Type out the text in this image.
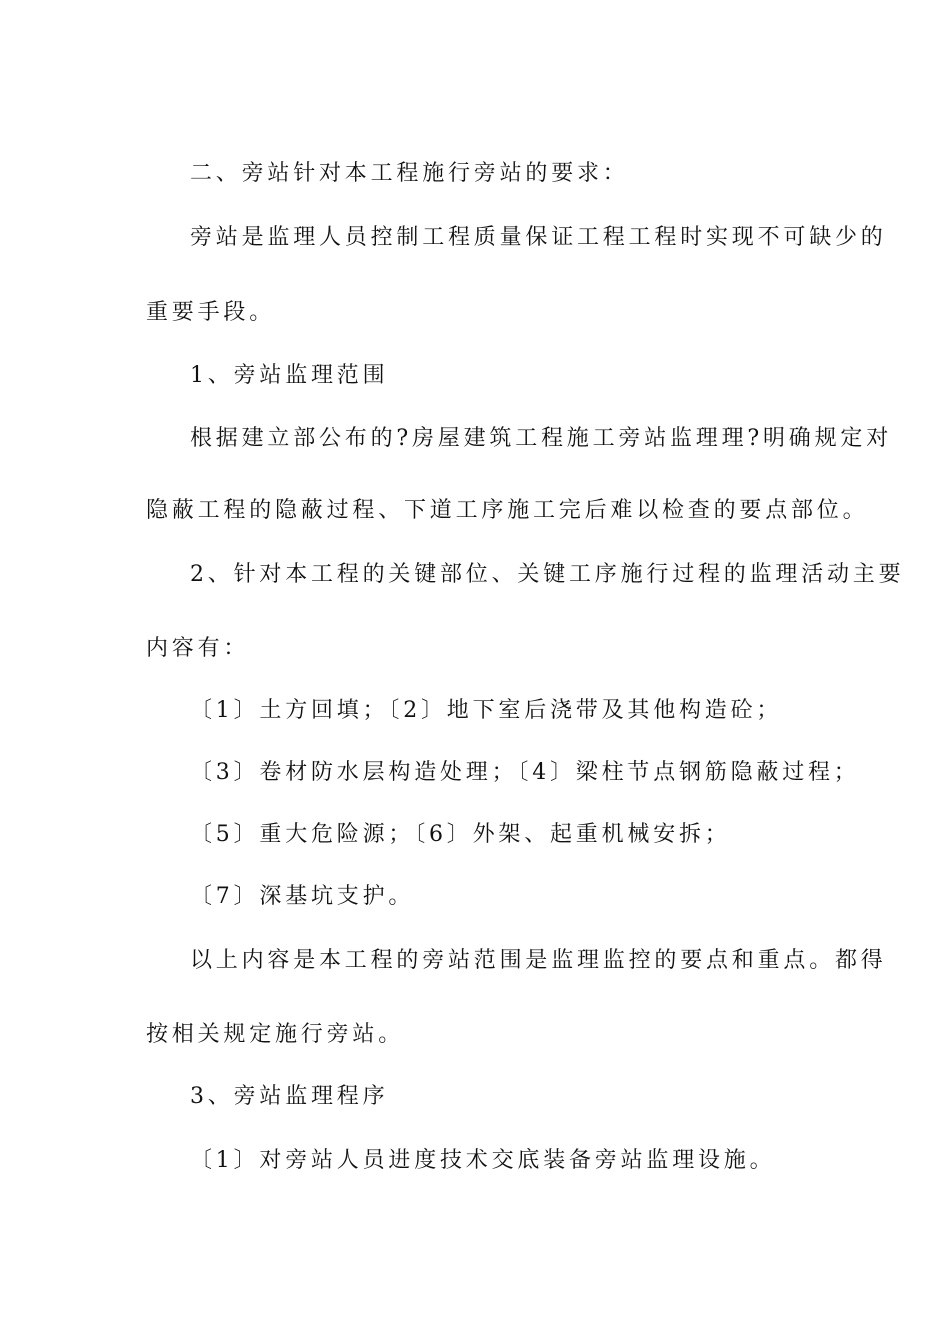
二、旁站针对本工程施行旁站的要求：

旁站是监理人员控制工程质量保证工程工程时实现不可缺少的

重要手段。

1、旁站监理范围

根据建立部公布的?房屋建筑工程施工旁站监理理?明确规定对

隐蔽工程的隐蔽过程、下道工序施工完后难以检查的要点部位。

2、针对本工程的关键部位、关键工序施行过程的监理活动主要

内容有：

〔1〕土方回填；〔2〕地下室后浇带及其他构造砼；

〔3〕卷材防水层构造处理；〔4〕梁柱节点钢筋隐蔽过程；

〔5〕重大危险源；〔6〕外架、起重机械安拆；

〔7〕深基坑支护。

以上内容是本工程的旁站范围是监理监控的要点和重点。都得

按相关规定施行旁站。

3、旁站监理程序

〔1〕对旁站人员进度技术交底装备旁站监理设施。
